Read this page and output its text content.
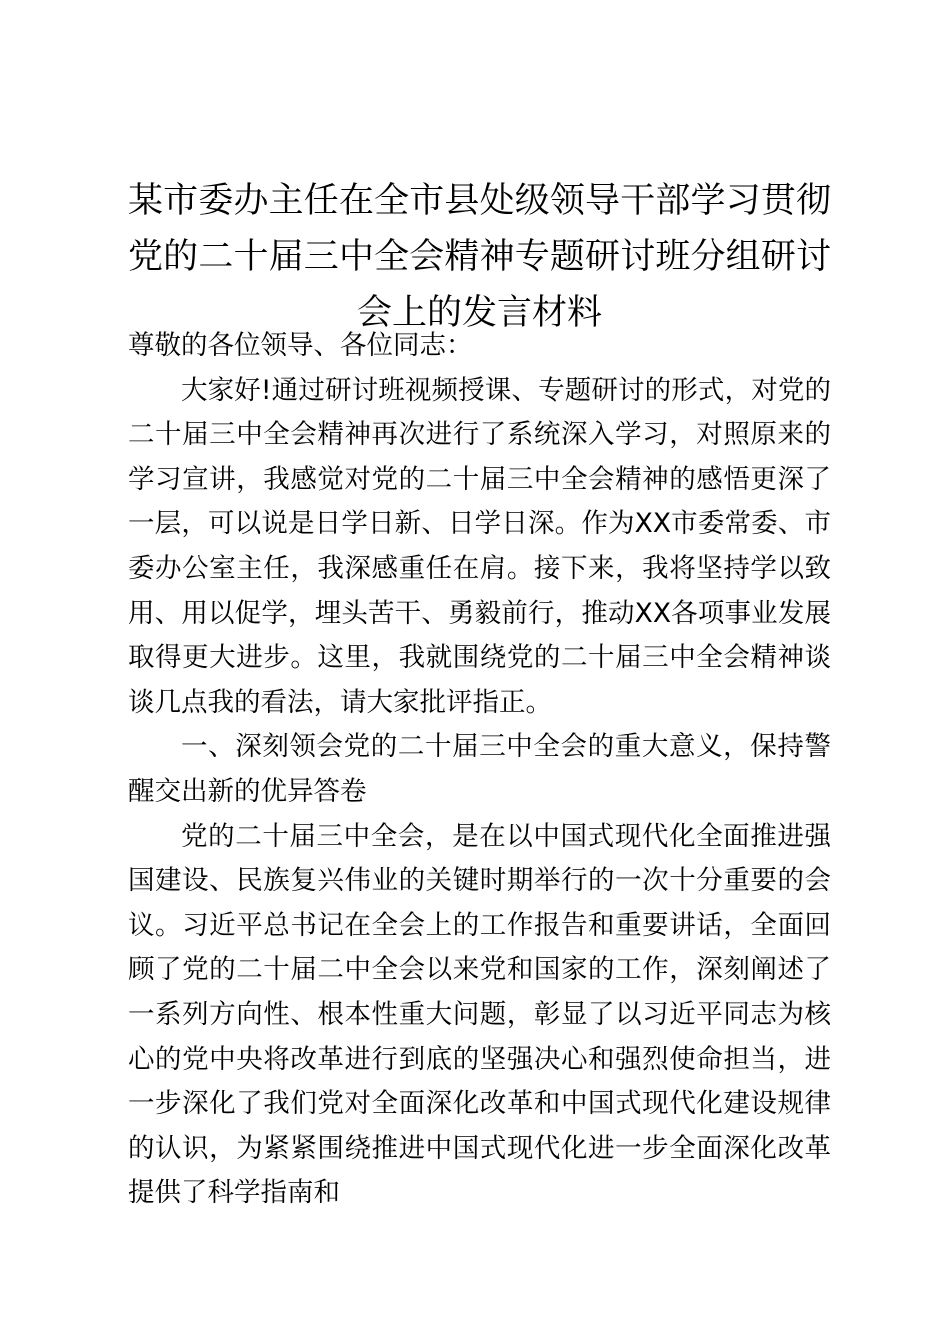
某市委办主任在全市县处级领导干部学习贯彻党的二十届三中全会精神专题研讨班分组研讨会上的发言材料

尊敬的各位领导、各位同志：

大家好!通过研讨班视频授课、专题研讨的形式，对党的二十届三中全会精神再次进行了系统深入学习，对照原来的学习宣讲，我感觉对党的二十届三中全会精神的感悟更深了一层，可以说是日学日新、日学日深。作为XX市委常委、市委办公室主任，我深感重任在肩。接下来，我将坚持学以致用、用以促学，埋头苦干、勇毅前行，推动XX各项事业发展取得更大进步。这里，我就围绕党的二十届三中全会精神谈谈几点我的看法，请大家批评指正。

一、深刻领会党的二十届三中全会的重大意义，保持警醒交出新的优异答卷

党的二十届三中全会，是在以中国式现代化全面推进强国建设、民族复兴伟业的关键时期举行的一次十分重要的会议。习近平总书记在全会上的工作报告和重要讲话，全面回顾了党的二十届二中全会以来党和国家的工作，深刻阐述了一系列方向性、根本性重大问题，彰显了以习近平同志为核心的党中央将改革进行到底的坚强决心和强烈使命担当，进一步深化了我们党对全面深化改革和中国式现代化建设规律的认识，为紧紧围绕推进中国式现代化进一步全面深化改革提供了科学指南和
